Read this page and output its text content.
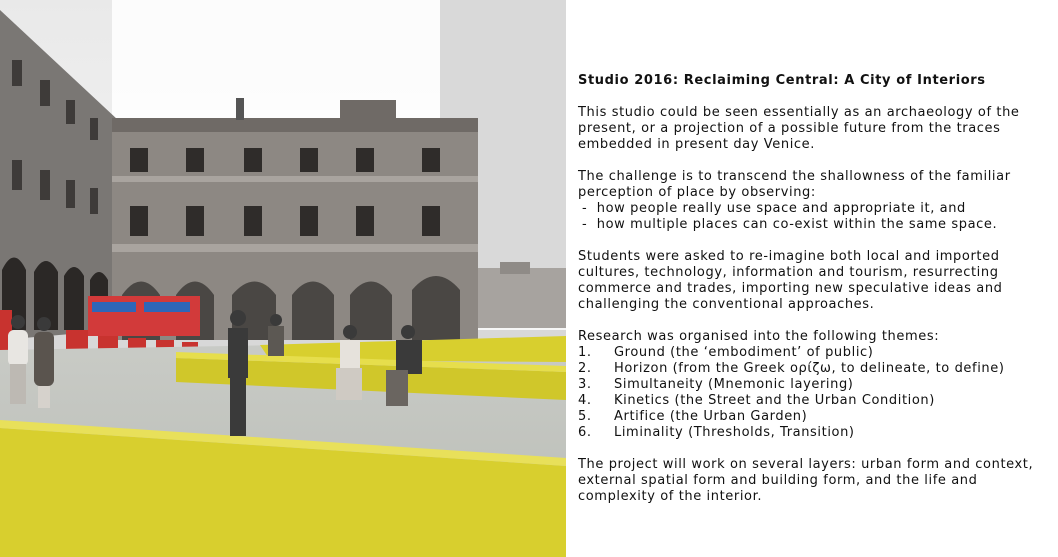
Studio 2016: Reclaiming Central: A City of Interiors

This studio could be seen essentially as an archaeology of the present, or a projection of a possible future from the traces embedded in present day Venice.

The challenge is to transcend the shallowness of the familiar perception of place by observing:
- how people really use space and appropriate it, and
- how multiple places can co-exist within the same space.

Students were asked to re-imagine both local and imported cultures, technology, information and tourism, resurrecting commerce and trades, importing new speculative ideas and challenging the conventional approaches.

Research was organised into the following themes:
1.	Ground (the ‘embodiment’ of public)
2.	Horizon (from the Greek ορίζω, to delineate, to define)
3.	Simultaneity (Mnemonic layering)
4.	Kinetics (the Street and the Urban Condition)
5.	Artifice (the Urban Garden)
6.	Liminality (Thresholds, Transition)

The project will work on several layers: urban form and context, external spatial form and building form, and the life and complexity of the interior.
